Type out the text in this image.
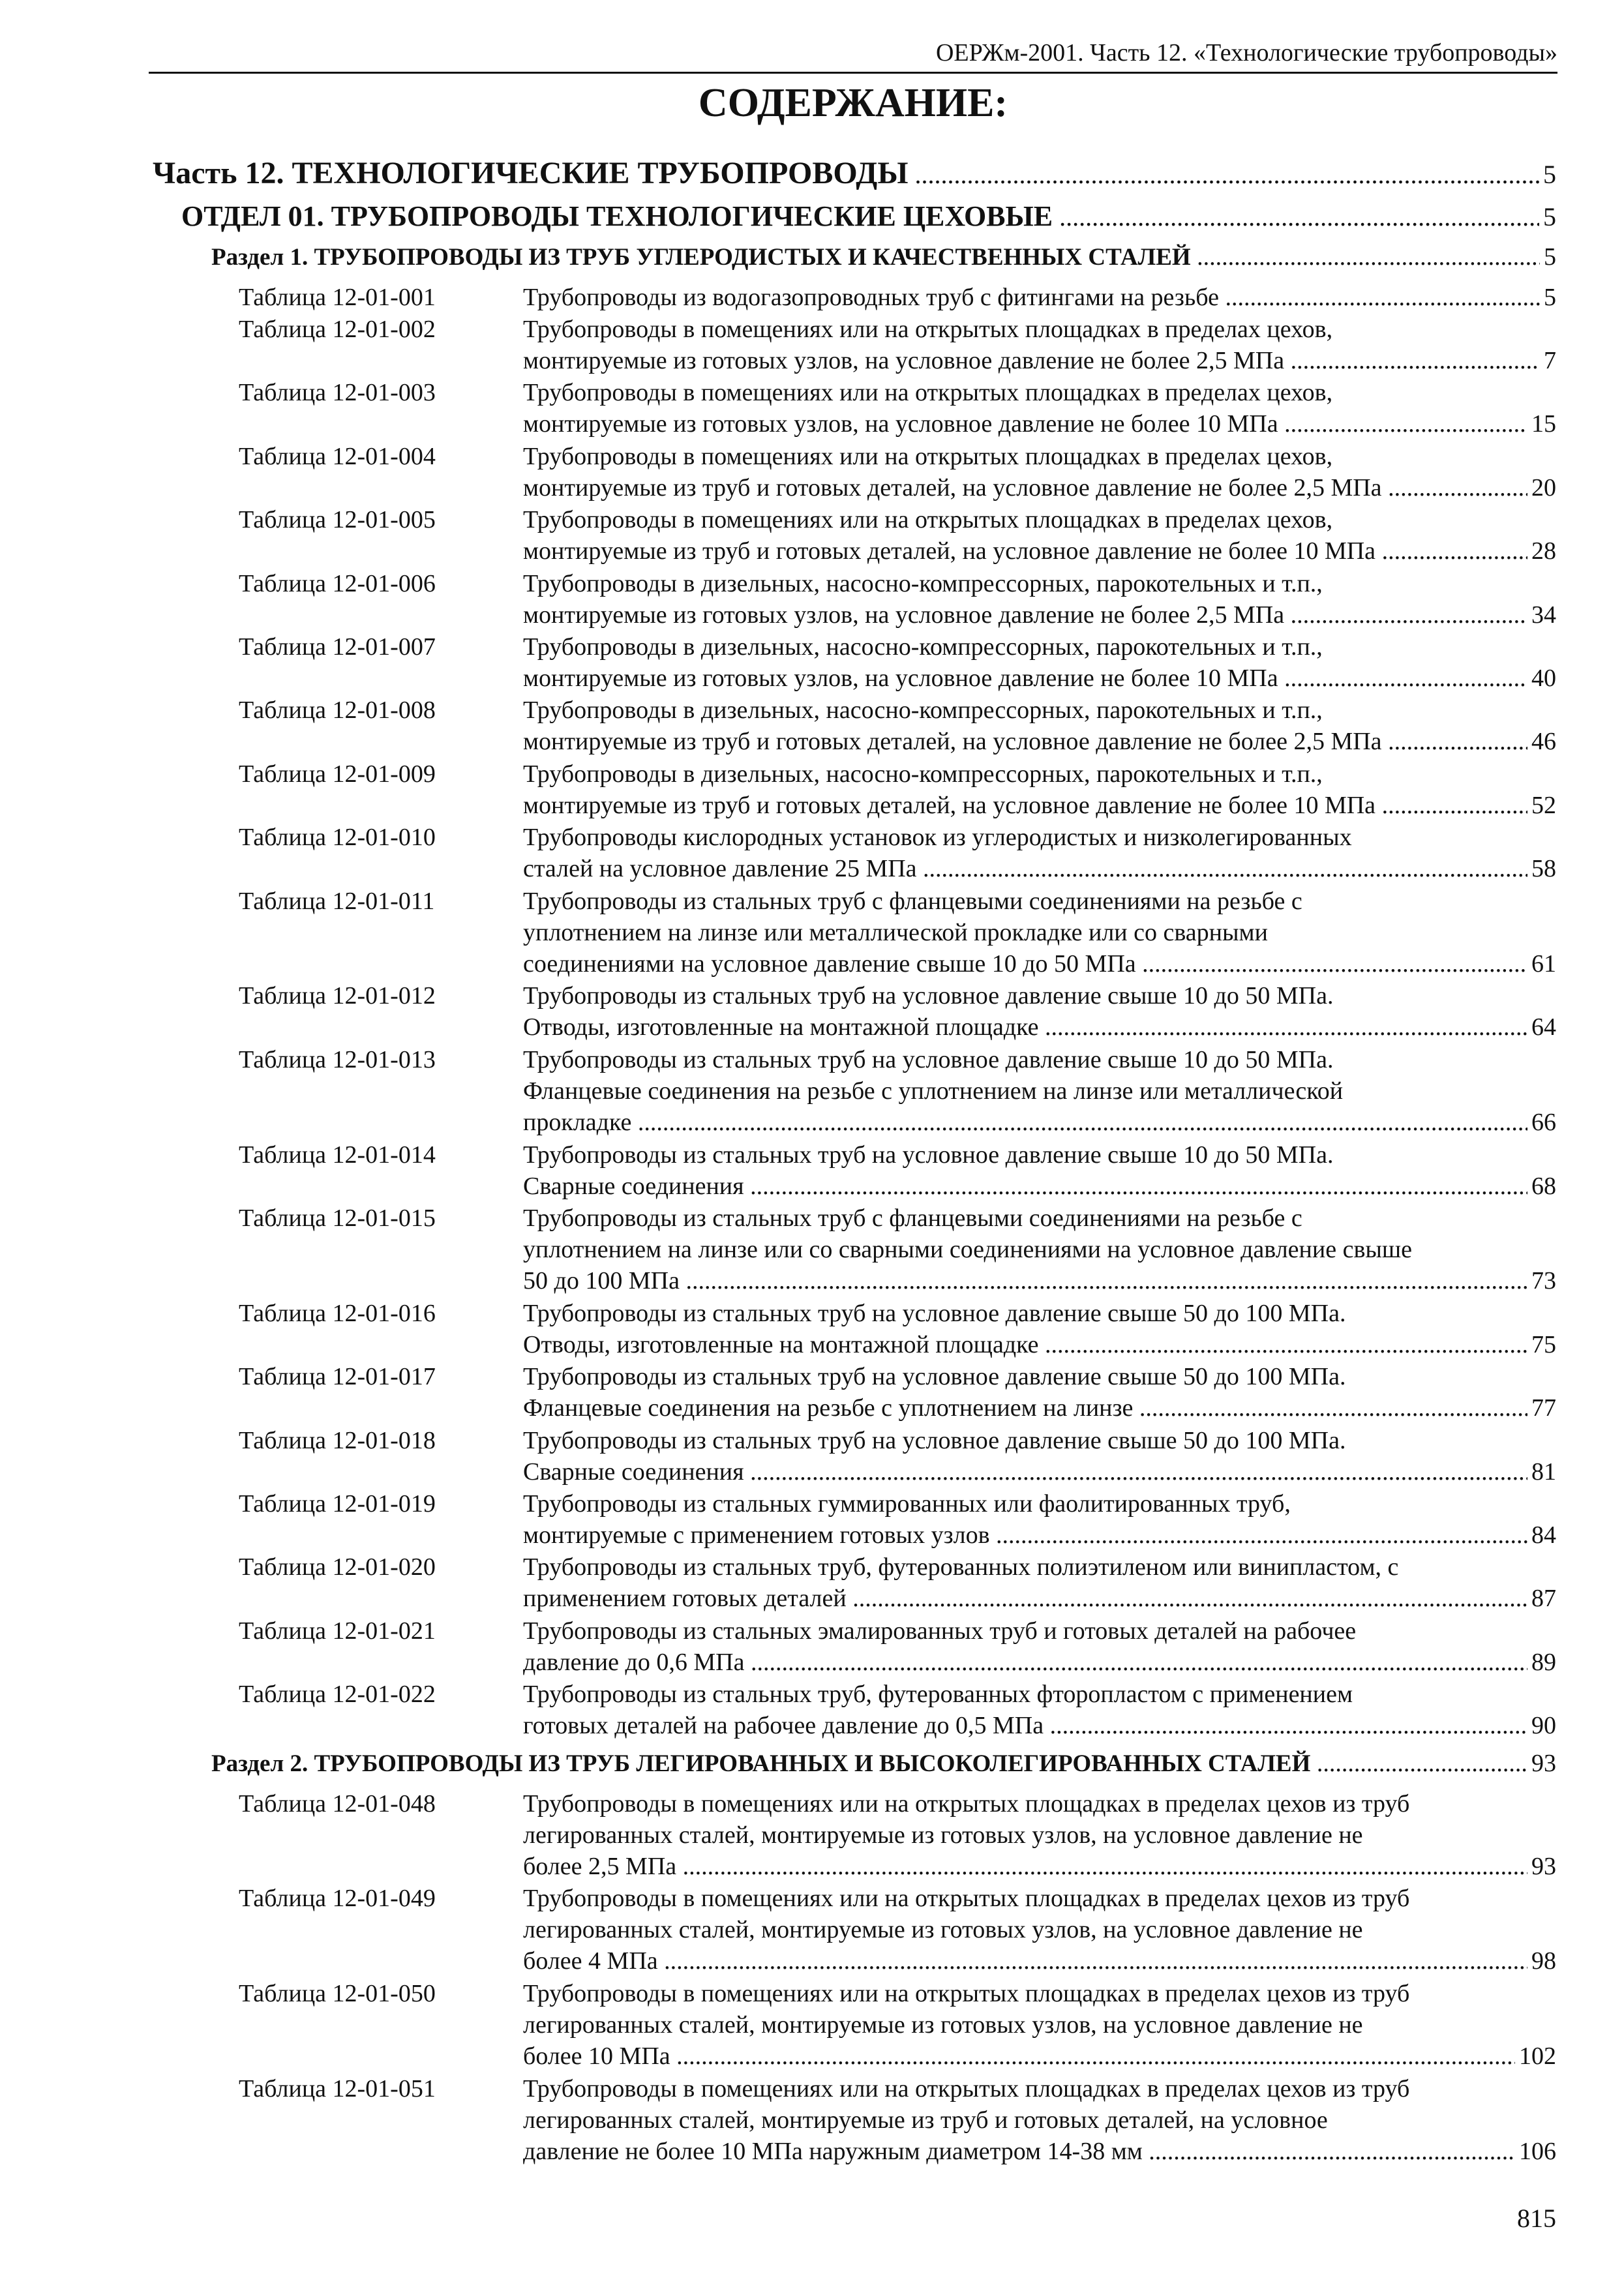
ОЕРЖм-2001. Часть 12. «Технологические трубопроводы»
СОДЕРЖАНИЕ:
Часть 12. ТЕХНОЛОГИЧЕСКИЕ ТРУБОПРОВОДЫ .....	5
ОТДЕЛ 01. ТРУБОПРОВОДЫ ТЕХНОЛОГИЧЕСКИЕ ЦЕХОВЫЕ .....	5
Раздел 1. ТРУБОПРОВОДЫ ИЗ ТРУБ УГЛЕРОДИСТЫХ И КАЧЕСТВЕННЫХ СТАЛЕЙ .....	5
Таблица 12-01-001	Трубопроводы из водогазопроводных труб с фитингами на резьбе .....	5
Таблица 12-01-002	Трубопроводы в помещениях или на открытых площадках в пределах цехов,
монтируемые из готовых узлов, на условное давление не более 2,5 МПа .....	7
Таблица 12-01-003	Трубопроводы в помещениях или на открытых площадках в пределах цехов,
монтируемые из готовых узлов, на условное давление не более 10 МПа .....	15
Таблица 12-01-004	Трубопроводы в помещениях или на открытых площадках в пределах цехов,
монтируемые из труб и готовых деталей, на условное давление не более 2,5 МПа .....	20
Таблица 12-01-005	Трубопроводы в помещениях или на открытых площадках в пределах цехов,
монтируемые из труб и готовых деталей, на условное давление не более 10 МПа .....	28
Таблица 12-01-006	Трубопроводы в дизельных, насосно-компрессорных, парокотельных и т.п.,
монтируемые из готовых узлов, на условное давление не более 2,5 МПа .....	34
Таблица 12-01-007	Трубопроводы в дизельных, насосно-компрессорных, парокотельных и т.п.,
монтируемые из готовых узлов, на условное давление не более 10 МПа .....	40
Таблица 12-01-008	Трубопроводы в дизельных, насосно-компрессорных, парокотельных и т.п.,
монтируемые из труб и готовых деталей, на условное давление не более 2,5 МПа .....	46
Таблица 12-01-009	Трубопроводы в дизельных, насосно-компрессорных, парокотельных и т.п.,
монтируемые из труб и готовых деталей, на условное давление не более 10 МПа .....	52
Таблица 12-01-010	Трубопроводы кислородных установок из углеродистых и низколегированных
сталей на условное давление 25 МПа .....	58
Таблица 12-01-011	Трубопроводы из стальных труб с фланцевыми соединениями на резьбе с
уплотнением на линзе или металлической прокладке или со сварными
соединениями на условное давление свыше 10 до 50 МПа .....	61
Таблица 12-01-012	Трубопроводы из стальных труб на условное давление свыше 10 до 50 МПа.
Отводы, изготовленные на монтажной площадке .....	64
Таблица 12-01-013	Трубопроводы из стальных труб на условное давление свыше 10 до 50 МПа.
Фланцевые соединения на резьбе с уплотнением на линзе или металлической
прокладке .....	66
Таблица 12-01-014	Трубопроводы из стальных труб на условное давление свыше 10 до 50 МПа.
Сварные соединения .....	68
Таблица 12-01-015	Трубопроводы из стальных труб с фланцевыми соединениями на резьбе с
уплотнением на линзе или со сварными соединениями на условное давление свыше
50 до 100 МПа .....	73
Таблица 12-01-016	Трубопроводы из стальных труб на условное давление свыше 50 до 100 МПа.
Отводы, изготовленные на монтажной площадке .....	75
Таблица 12-01-017	Трубопроводы из стальных труб на условное давление свыше 50 до 100 МПа.
Фланцевые соединения на резьбе с уплотнением на линзе .....	77
Таблица 12-01-018	Трубопроводы из стальных труб на условное давление свыше 50 до 100 МПа.
Сварные соединения .....	81
Таблица 12-01-019	Трубопроводы из стальных гуммированных или фаолитированных труб,
монтируемые с применением готовых узлов .....	84
Таблица 12-01-020	Трубопроводы из стальных труб, футерованных полиэтиленом или винипластом, с
применением готовых деталей .....	87
Таблица 12-01-021	Трубопроводы из стальных эмалированных труб и готовых деталей на рабочее
давление до 0,6 МПа .....	89
Таблица 12-01-022	Трубопроводы из стальных труб, футерованных фторопластом с применением
готовых деталей на рабочее давление до 0,5 МПа .....	90
Раздел 2. ТРУБОПРОВОДЫ ИЗ ТРУБ ЛЕГИРОВАННЫХ И ВЫСОКОЛЕГИРОВАННЫХ СТАЛЕЙ .....	93
Таблица 12-01-048	Трубопроводы в помещениях или на открытых площадках в пределах цехов из труб
легированных сталей, монтируемые из готовых узлов, на условное давление не
более 2,5 МПа .....	93
Таблица 12-01-049	Трубопроводы в помещениях или на открытых площадках в пределах цехов из труб
легированных сталей, монтируемые из готовых узлов, на условное давление не
более 4 МПа .....	98
Таблица 12-01-050	Трубопроводы в помещениях или на открытых площадках в пределах цехов из труб
легированных сталей, монтируемые из готовых узлов, на условное давление не
более 10 МПа .....	102
Таблица 12-01-051	Трубопроводы в помещениях или на открытых площадках в пределах цехов из труб
легированных сталей, монтируемые из труб и готовых деталей, на условное
давление не более 10 МПа наружным диаметром 14-38 мм .....	106
815
